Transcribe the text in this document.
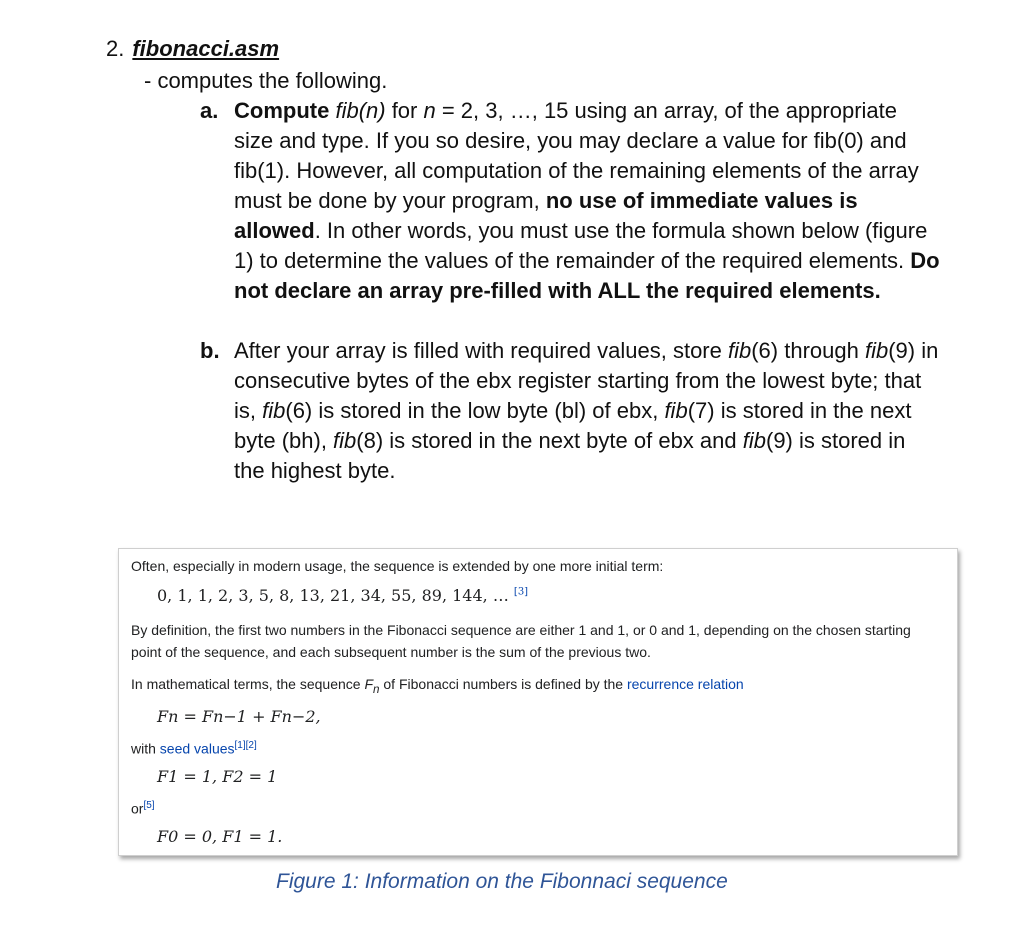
2. fibonacci.asm
- computes the following.
a. Compute fib(n) for n = 2, 3, …, 15 using an array, of the appropriate size and type. If you so desire, you may declare a value for fib(0) and fib(1). However, all computation of the remaining elements of the array must be done by your program, no use of immediate values is allowed. In other words, you must use the formula shown below (figure 1) to determine the values of the remainder of the required elements. Do not declare an array pre-filled with ALL the required elements.
b. After your array is filled with required values, store fib(6) through fib(9) in consecutive bytes of the ebx register starting from the lowest byte; that is, fib(6) is stored in the low byte (bl) of ebx, fib(7) is stored in the next byte (bh), fib(8) is stored in the next byte of ebx and fib(9) is stored in the highest byte.
Often, especially in modern usage, the sequence is extended by one more initial term:
0, 1, 1, 2, 3, 5, 8, 13, 21, 34, 55, 89, 144, … [3]
By definition, the first two numbers in the Fibonacci sequence are either 1 and 1, or 0 and 1, depending on the chosen starting point of the sequence, and each subsequent number is the sum of the previous two.
In mathematical terms, the sequence $F_n$ of Fibonacci numbers is defined by the recurrence relation
Fn = Fn−1 + Fn−2,
with seed values[1][2]
F1 = 1, F2 = 1
or[5]
F0 = 0, F1 = 1.
Figure 1: Information on the Fibonnaci sequence
